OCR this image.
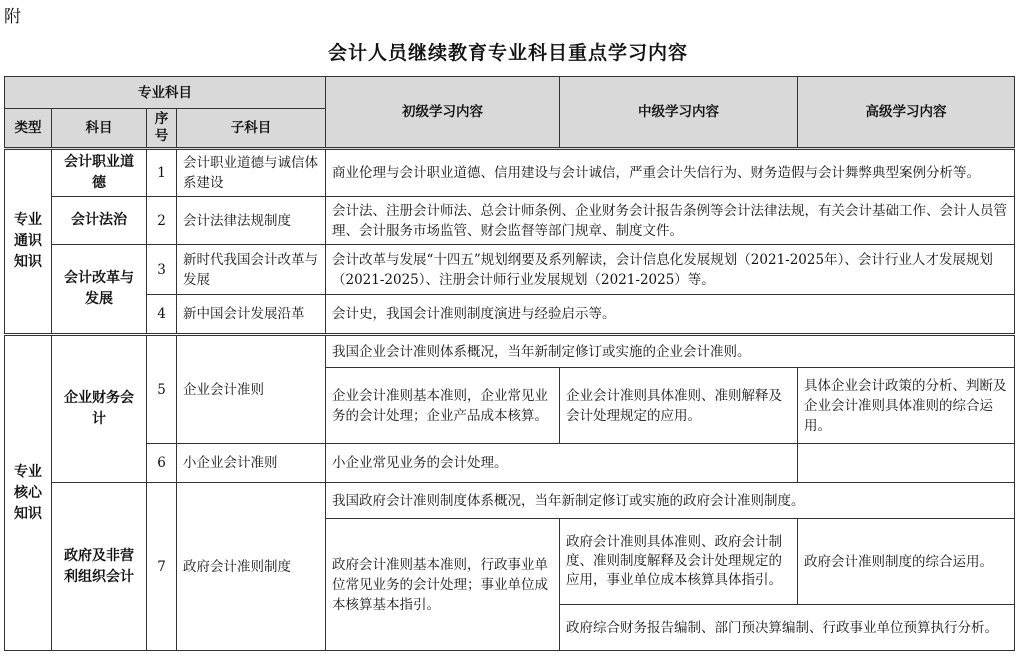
附
会计人员继续教育专业科目重点学习内容
专业科目				初级学习内容	中级学习内容	高级学习内容
类型	科目	序号	子科目			
专业通识知识	会计职业道德	1	会计职业道德与诚信体系建设	商业伦理与会计职业道德、信用建设与会计诚信，严重会计失信行为、财务造假与会计舞弊典型案例分析等。		
	会计法治	2	会计法律法规制度	会计法、注册会计师法、总会计师条例、企业财务会计报告条例等会计法律法规，有关会计基础工作、会计人员管理、会计服务市场监管、财会监督等部门规章、制度文件。		
	会计改革与发展	3	新时代我国会计改革与发展	会计改革与发展“十四五”规划纲要及系列解读，会计信息化发展规划（2021-2025年）、会计行业人才发展规划（2021-2025）、注册会计师行业发展规划（2021-2025）等。		
		4	新中国会计发展沿革	会计史，我国会计准则制度演进与经验启示等。		
专业核心知识	企业财务会计	5	企业会计准则	我国企业会计准则体系概况，当年新制定修订或实施的企业会计准则。		
				企业会计准则基本准则，企业常见业务的会计处理；企业产品成本核算。	企业会计准则具体准则、准则解释及会计处理规定的应用。	具体企业会计政策的分析、判断及企业会计准则具体准则的综合运用。
		6	小企业会计准则	小企业常见业务的会计处理。		
	政府及非营利组织会计	7	政府会计准则制度	我国政府会计准则制度体系概况，当年新制定修订或实施的政府会计准则制度。		
				政府会计准则基本准则，行政事业单位常见业务的会计处理；事业单位成本核算基本指引。	政府会计准则具体准则、政府会计制度、准则制度解释及会计处理规定的应用，事业单位成本核算具体指引。	政府会计准则制度的综合运用。

					政府综合财务报告编制、部门预决算编制、行政事业单位预算执行分析。	
